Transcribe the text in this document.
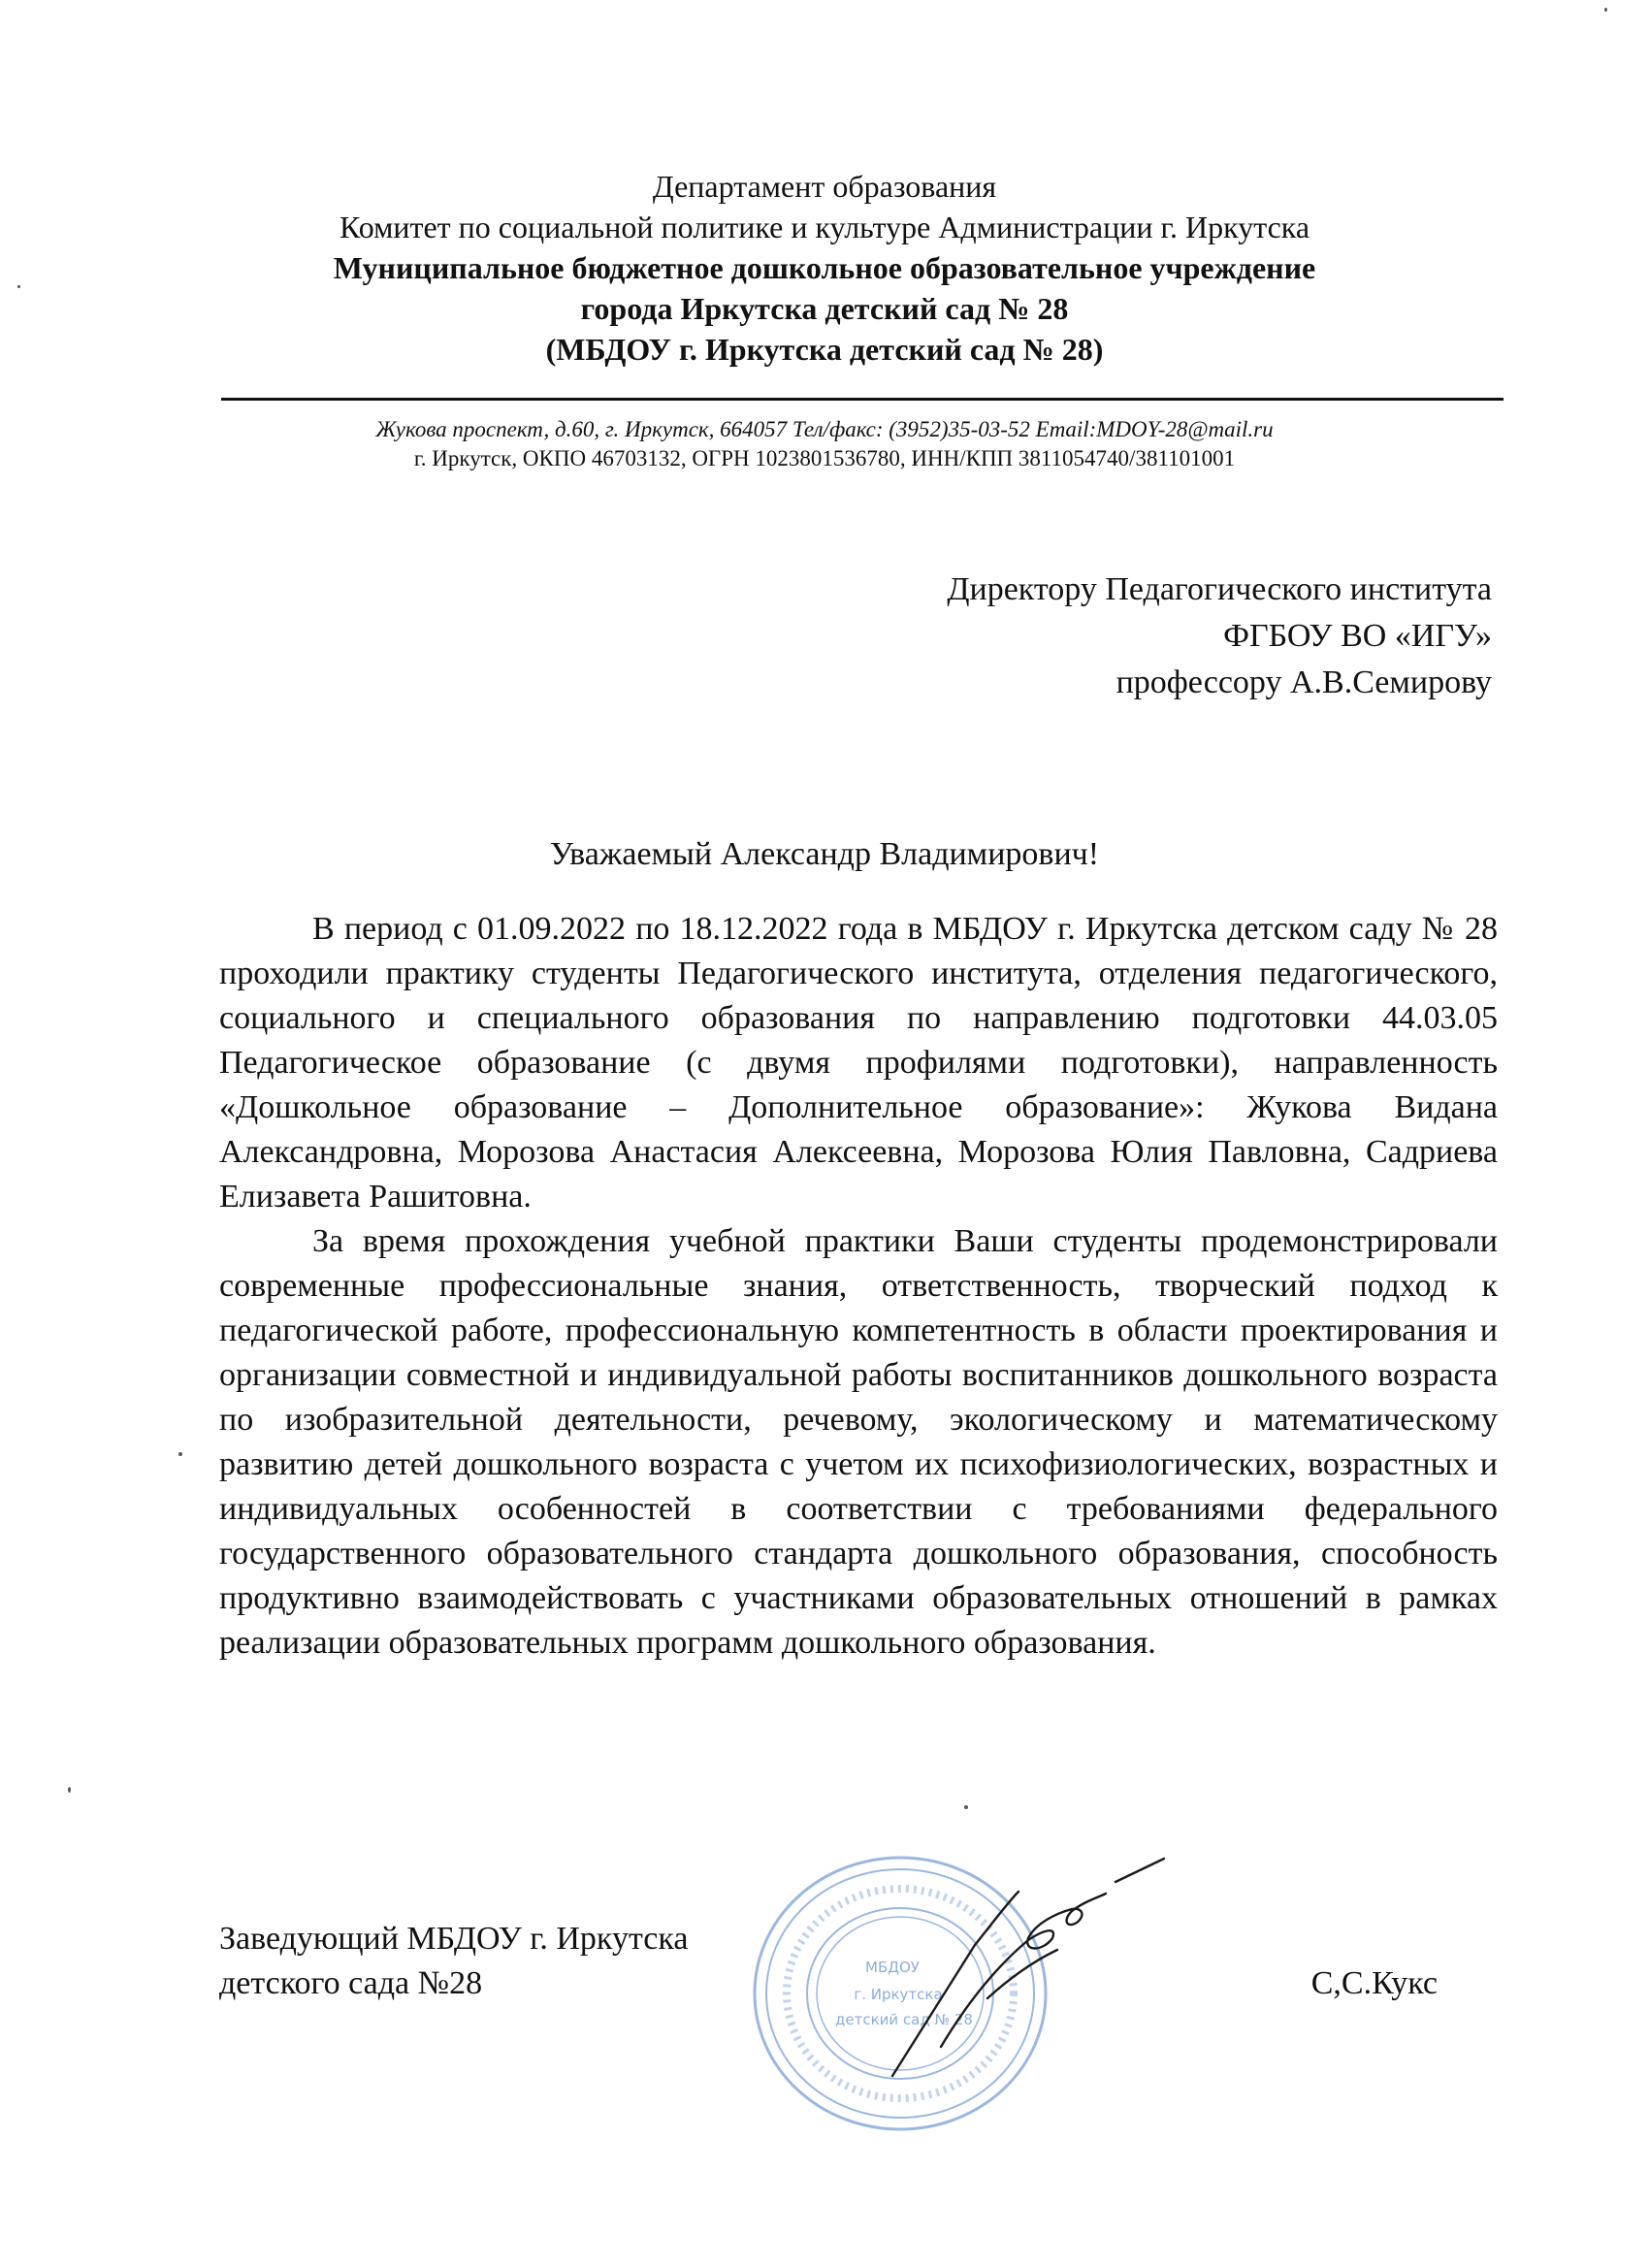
Департамент образования
Комитет по социальной политике и культуре Администрации г. Иркутска
Муниципальное бюджетное дошкольное образовательное учреждение
города Иркутска детский сад № 28
(МБДОУ г. Иркутска детский сад № 28)
Жукова проспект, д.60, г. Иркутск, 664057 Тел/факс: (3952)35-03-52 Email:MDOY-28@mail.ru
г. Иркутск, ОКПО 46703132, ОГРН 1023801536780, ИНН/КПП 3811054740/381101001
Директору Педагогического института
ФГБОУ ВО «ИГУ»
профессору А.В.Семирову
Уважаемый Александр Владимирович!

В период с 01.09.2022 по 18.12.2022 года в МБДОУ г. Иркутска детском саду № 28 проходили практику студенты Педагогического института, отделения педагогического, социального и специального образования по направлению подготовки 44.03.05 Педагогическое образование (с двумя профилями подготовки), направленность «Дошкольное образование – Дополнительное образование»: Жукова Видана Александровна, Морозова Анастасия Алексеевна, Морозова Юлия Павловна, Садриева Елизавета Рашитовна.

За время прохождения учебной практики Ваши студенты продемонстрировали современные профессиональные знания, ответственность, творческий подход к педагогической работе, профессиональную компетентность в области проектирования и организации совместной и индивидуальной работы воспитанников дошкольного возраста по изобразительной деятельности, речевому, экологическому и математическому развитию детей дошкольного возраста с учетом их психофизиологических, возрастных и индивидуальных особенностей в соответствии с требованиями федерального государственного образовательного стандарта дошкольного образования, способность продуктивно взаимодействовать с участниками образовательных отношений в рамках реализации образовательных программ дошкольного образования.

МБДОУ
г. Иркутска
детский сад № 28
Заведующий МБДОУ г. Иркутска
детского сада №28	С,С.Кукс
